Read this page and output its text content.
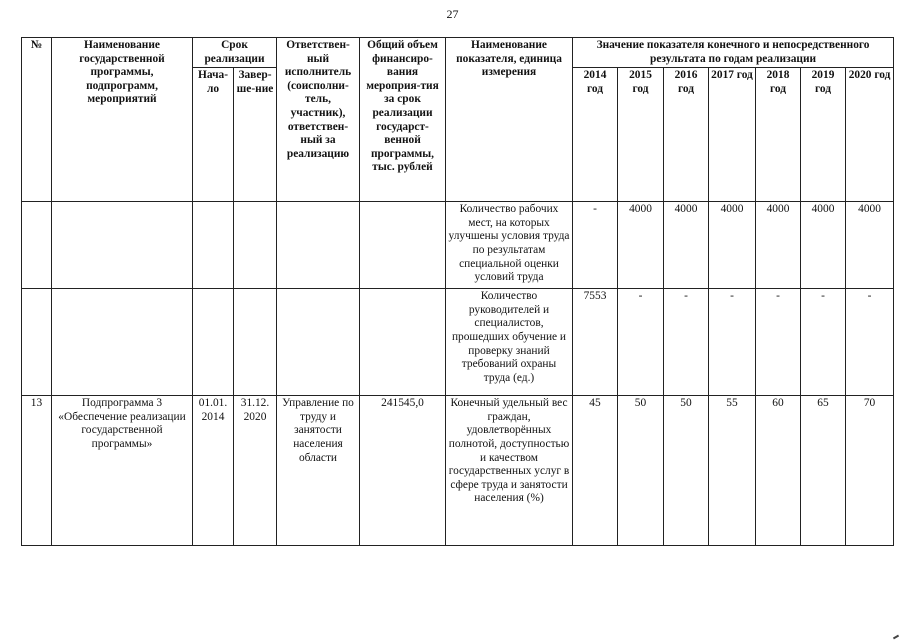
27
№	Наименование государственной программы, подпрограмм, мероприятий	Срок реализации		Ответствен-ный исполнитель (соисполни-тель, участник), ответствен-ный за реализацию	Общий объем финансиро-вания мероприя-тия за срок реализации государст-венной программы, тыс. рублей	Наименование показателя, единица измерения	Значение показателя конечного и непосредственного результата по годам реализации						
		Нача-ло	Завер-ше-ние				2014 год	2015 год	2016 год	2017 год	2018 год	2019 год	2020 год
						Количество рабочих мест, на которых улучшены условия труда по результатам специальной оценки условий труда	-	4000	4000	4000	4000	4000	4000
						Количество руководителей и специалистов, прошедших обучение и проверку знаний требований охраны труда (ед.)	7553	-	-	-	-	-	-
13	Подпрограмма 3 «Обеспечение реализации государственной программы»	01.01. 2014	31.12. 2020	Управление по труду и занятости населения области	241545,0	Конечный удельный вес граждан, удовлетворённых полнотой, доступностью и качеством государственных услуг в сфере труда и занятости населения (%)	45	50	50	55	60	65	70
